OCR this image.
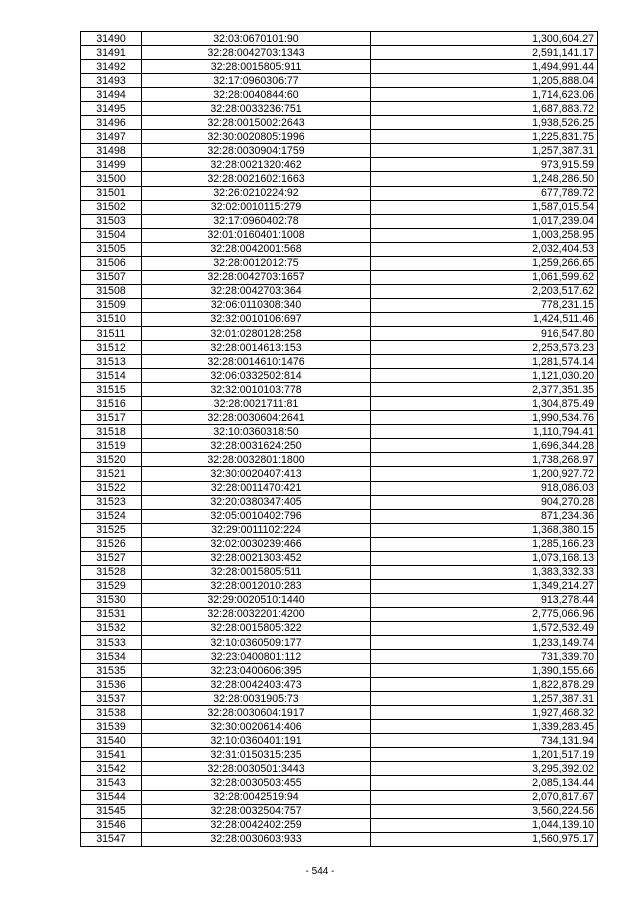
31490	32:03:0670101:90	1,300,604.27
31491	32:28:0042703:1343	2,591,141.17
31492	32:28:0015805:911	1,494,991.44
31493	32:17:0960306:77	1,205,888.04
31494	32:28:0040844:60	1,714,623.06
31495	32:28:0033236:751	1,687,883.72
31496	32:28:0015002:2643	1,938,526.25
31497	32:30:0020805:1996	1,225,831.75
31498	32:28:0030904:1759	1,257,387.31
31499	32:28:0021320:462	973,915.59
31500	32:28:0021602:1663	1,248,286.50
31501	32:26:0210224:92	677,789.72
31502	32:02:0010115:279	1,587,015.54
31503	32:17:0960402:78	1,017,239.04
31504	32:01:0160401:1008	1,003,258.95
31505	32:28:0042001:568	2,032,404.53
31506	32:28:0012012:75	1,259,266.65
31507	32:28:0042703:1657	1,061,599.62
31508	32:28:0042703:364	2,203,517.62
31509	32:06:0110308:340	778,231.15
31510	32:32:0010106:697	1,424,511.46
31511	32:01:0280128:258	916,547.80
31512	32:28:0014613:153	2,253,573.23
31513	32:28:0014610:1476	1,281,574.14
31514	32:06:0332502:814	1,121,030.20
31515	32:32:0010103:778	2,377,351.35
31516	32:28:0021711:81	1,304,875.49
31517	32:28:0030604:2641	1,990,534.76
31518	32:10:0360318:50	1,110,794.41
31519	32:28:0031624:250	1,696,344.28
31520	32:28:0032801:1800	1,738,268.97
31521	32:30:0020407:413	1,200,927.72
31522	32:28:0011470:421	918,086.03
31523	32:20:0380347:405	904,270.28
31524	32:05:0010402:796	871,234.36
31525	32:29:0011102:224	1,368,380.15
31526	32:02:0030239:466	1,285,166.23
31527	32:28:0021303:452	1,073,168.13
31528	32:28:0015805:511	1,383,332.33
31529	32:28:0012010:283	1,349,214.27
31530	32:29:0020510:1440	913,278.44
31531	32:28:0032201:4200	2,775,066.96
31532	32:28:0015805:322	1,572,532.49
31533	32:10:0360509:177	1,233,149.74
31534	32:23:0400801:112	731,339.70
31535	32:23:0400606:395	1,390,155.66
31536	32:28:0042403:473	1,822,878.29
31537	32:28:0031905:73	1,257,387.31
31538	32:28:0030604:1917	1,927,468.32
31539	32:30:0020614:406	1,339,283.45
31540	32:10:0360401:191	734,131.94
31541	32:31:0150315:235	1,201,517.19
31542	32:28:0030501:3443	3,295,392.02
31543	32:28:0030503:455	2,085,134.44
31544	32:28:0042519:94	2,070,817.67
31545	32:28:0032504:757	3,560,224.56
31546	32:28:0042402:259	1,044,139.10
31547	32:28:0030603:933	1,560,975.17
- 544 -
